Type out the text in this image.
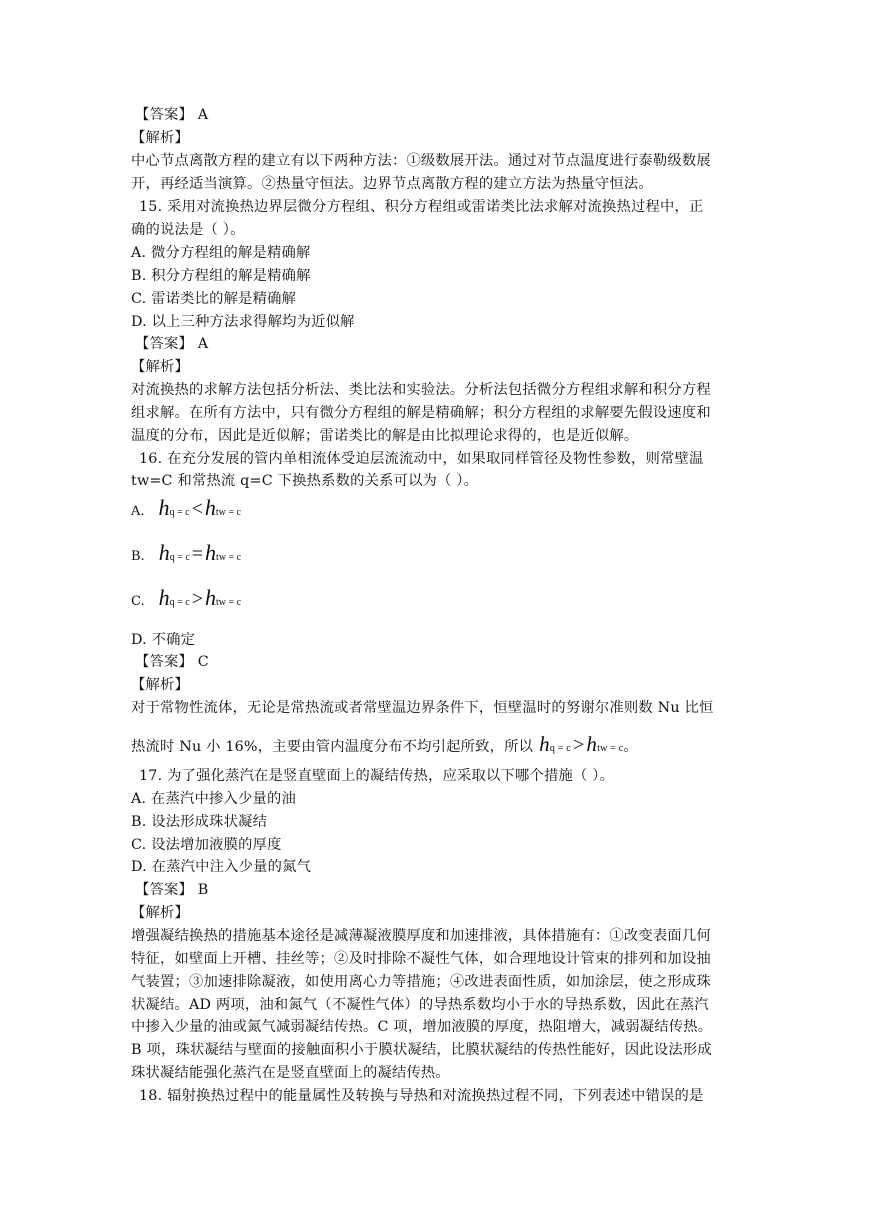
【答案】 A
【解析】
中心节点离散方程的建立有以下两种方法：①级数展开法。通过对节点温度进行泰勒级数展
开，再经适当演算。②热量守恒法。边界节点离散方程的建立方法为热量守恒法。
15. 采用对流换热边界层微分方程组、积分方程组或雷诺类比法求解对流换热过程中，正
确的说法是（ ）。
A. 微分方程组的解是精确解
B. 积分方程组的解是精确解
C. 雷诺类比的解是精确解
D. 以上三种方法求得解均为近似解
【答案】 A
【解析】
对流换热的求解方法包括分析法、类比法和实验法。分析法包括微分方程组求解和积分方程
组求解。在所有方法中，只有微分方程组的解是精确解；积分方程组的求解要先假设速度和
温度的分布，因此是近似解；雷诺类比的解是由比拟理论求得的，也是近似解。
16. 在充分发展的管内单相流体受迫层流流动中，如果取同样管径及物性参数，则常壁温
tw=C 和常热流 q=C 下换热系数的关系可以为（ ）。
A. h q = c < h tw = c
B. h q = c = h tw = c
C. h q = c > h tw = c
D. 不确定
【答案】 C
【解析】
对于常物性流体，无论是常热流或者常壁温边界条件下，恒壁温时的努谢尔准则数 Nu 比恒
热流时 Nu 小 16%，主要由管内温度分布不均引起所致，所以 h q = c > h tw = c 。
17. 为了强化蒸汽在是竖直壁面上的凝结传热，应采取以下哪个措施（ ）。
A. 在蒸汽中掺入少量的油
B. 设法形成珠状凝结
C. 设法增加液膜的厚度
D. 在蒸汽中注入少量的氮气
【答案】 B
【解析】
增强凝结换热的措施基本途径是减薄凝液膜厚度和加速排液，具体措施有：①改变表面几何
特征，如壁面上开槽、挂丝等；②及时排除不凝性气体，如合理地设计管束的排列和加设抽
气装置；③加速排除凝液，如使用离心力等措施；④改进表面性质，如加涂层，使之形成珠
状凝结。AD 两项，油和氮气（不凝性气体）的导热系数均小于水的导热系数，因此在蒸汽
中掺入少量的油或氮气减弱凝结传热。C 项，增加液膜的厚度，热阻增大，减弱凝结传热。
B 项，珠状凝结与壁面的接触面积小于膜状凝结，比膜状凝结的传热性能好，因此设法形成
珠状凝结能强化蒸汽在是竖直壁面上的凝结传热。
18. 辐射换热过程中的能量属性及转换与导热和对流换热过程不同，下列表述中错误的是
